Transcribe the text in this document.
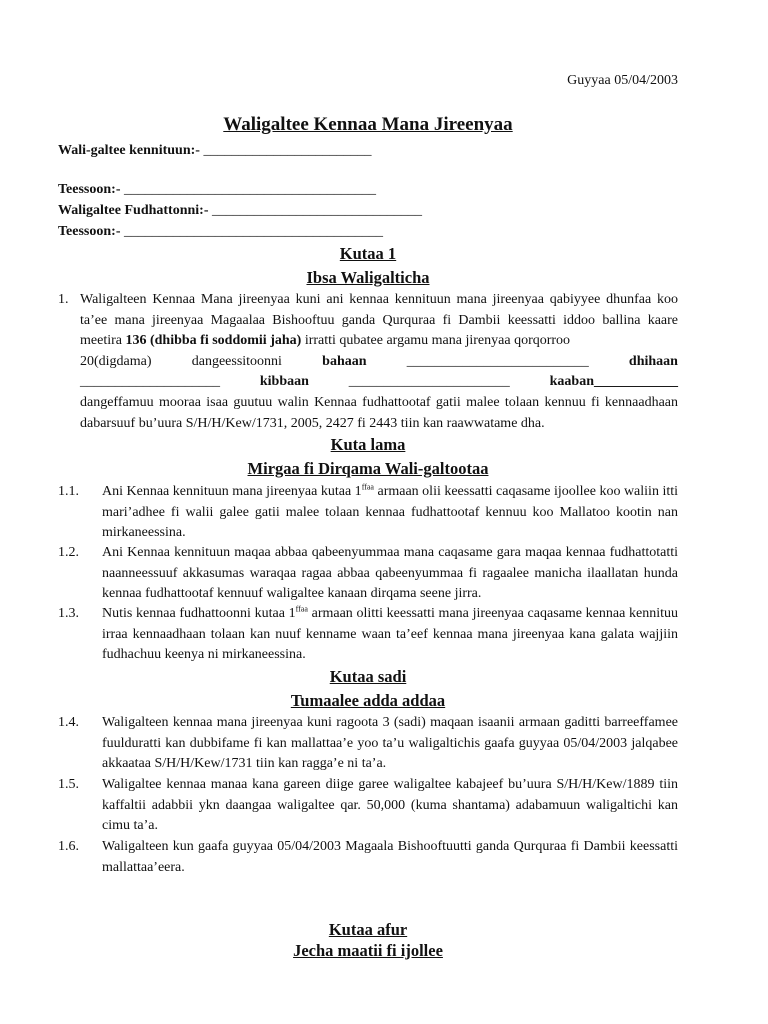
Guyyaa 05/04/2003
Waligaltee Kennaa Mana Jireenyaa
Wali-galtee kennituun:- ________________________
Teessoon:- ____________________________________
Waligaltee Fudhattonni:- ______________________________
Teessoon:- _____________________________________
Kutaa 1
Ibsa Waligalticha
1. Waligalteen Kennaa Mana jireenyaa kuni ani kennaa kennituun mana jireenyaa qabiyyee dhunfaa koo ta’ee mana jireenyaa Magaalaa Bishooftuu ganda Qurquraa fi Dambii keessatti iddoo ballina kaare meetira 136 (dhibba fi soddomii jaha) irratti qubatee argamu mana jirenyaa qorqorroo
20(digdama)	dangeessitoonni	bahaan	__________________________	dhihaan
____________________	kibbaan	_______________________	kaaban____________
dangeffamuu mooraa isaa guutuu walin Kennaa fudhattootaf gatii malee tolaan kennuu fi kennaadhaan dabarsuuf bu’uura S/H/H/Kew/1731, 2005, 2427 fi 2443 tiin kan raawwatame dha.
Kuta lama
Mirgaa fi Dirqama Wali-galtootaa
1.1. Ani Kennaa kennituun mana jireenyaa kutaa $1^{ffaa}$ armaan olii keessatti caqasame ijoollee koo waliin itti mari’adhee fi walii galee gatii malee tolaan kennaa fudhattootaf kennuu koo Mallatoo kootin nan mirkaneessina.
1.2. Ani Kennaa kennituun maqaa abbaa qabeenyummaa mana caqasame gara maqaa kennaa fudhattotatti naanneessuuf akkasumas waraqaa ragaa abbaa qabeenyummaa fi ragaalee manicha ilaallatan hunda kennaa fudhattootaf kennuuf waligaltee kanaan dirqama seene jirra.
1.3. Nutis kennaa fudhattoonni kutaa $1^{ffaa}$ armaan olitti keessatti mana jireenyaa caqasame kennaa kennituu irraa kennaadhaan tolaan kan nuuf kenname waan ta’eef kennaa mana jireenyaa kana galata wajjiin fudhachuu keenya ni mirkaneessina.
Kutaa sadi
Tumaalee adda addaa
1.4. Waligalteen kennaa mana jireenyaa kuni ragoota 3 (sadi) maqaan isaanii armaan gaditti barreeffamee fuulduratti kan dubbifame fi kan mallattaa’e yoo ta’u waligaltichis gaafa guyyaa 05/04/2003 jalqabee akkaataa S/H/H/Kew/1731 tiin kan ragga’e ni ta’a.
1.5. Waligaltee kennaa manaa kana gareen diige garee waligaltee kabajeef bu’uura S/H/H/Kew/1889 tiin kaffaltii adabbii ykn daangaa waligaltee qar. 50,000 (kuma shantama) adabamuun waligaltichi kan cimu ta’a.
1.6. Waligalteen kun gaafa guyyaa 05/04/2003 Magaala Bishooftuutti ganda Qurquraa fi Dambii keessatti mallattaa’eera.
Kutaa afur
Jecha maatii fi ijollee
